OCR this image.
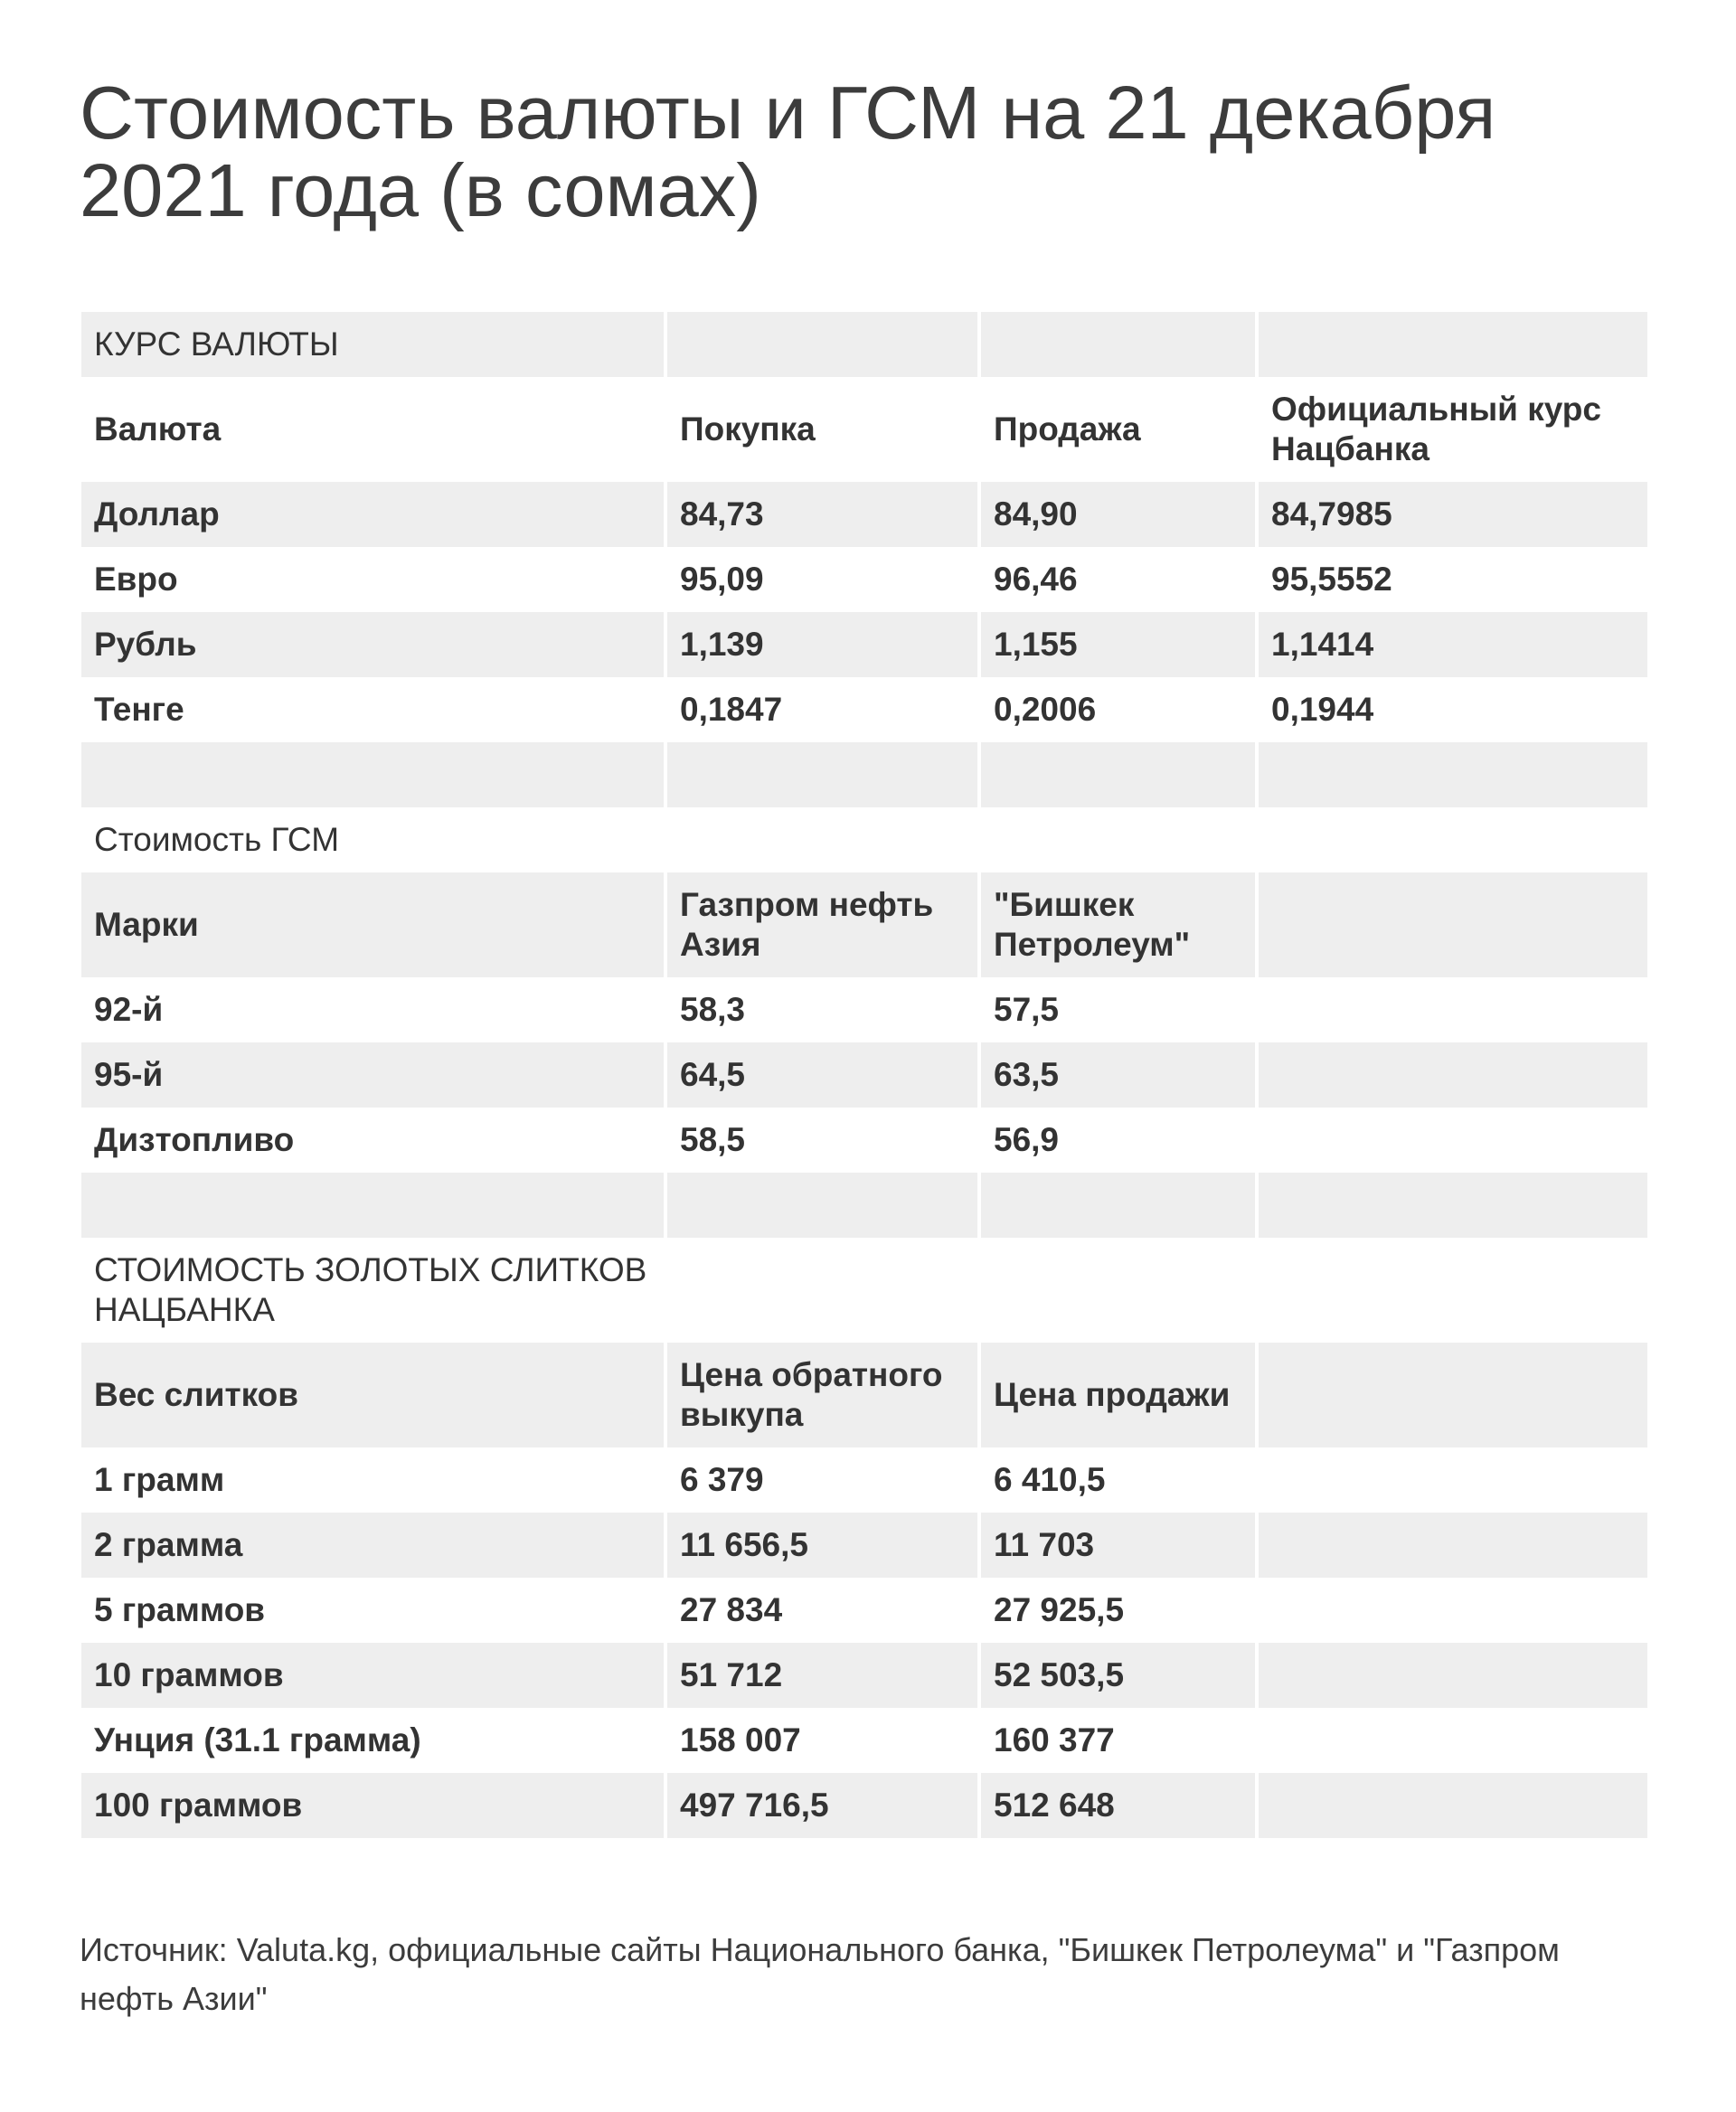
Стоимость валюты и ГСМ на 21 декабря 2021 года (в сомах)
КУРС ВАЛЮТЫ			
Валюта	Покупка	Продажа	Официальный курс Нацбанка
Доллар	84,73	84,90	84,7985
Евро	95,09	96,46	95,5552
Рубль	1,139	1,155	1,1414
Тенге	0,1847	0,2006	0,1944

Стоимость ГСМ			
Марки	Газпром нефть Азия	"Бишкек Петролеум"	
92-й	58,3	57,5	
95-й	64,5	63,5	
Дизтопливо	58,5	56,9	

СТОИМОСТЬ ЗОЛОТЫХ СЛИТКОВ НАЦБАНКА			
Вес слитков	Цена обратного выкупа	Цена продажи	
1 грамм	6 379	6 410,5	
2 грамма	11 656,5	11 703	
5 граммов	27 834	27 925,5	
10 граммов	51 712	52 503,5	
Унция (31.1 грамма)	158 007	160 377	
100 граммов	497 716,5	512 648	

Источник: Valuta.kg, официальные сайты Национального банка, "Бишкек Петролеума" и "Газпром нефть Азии"
